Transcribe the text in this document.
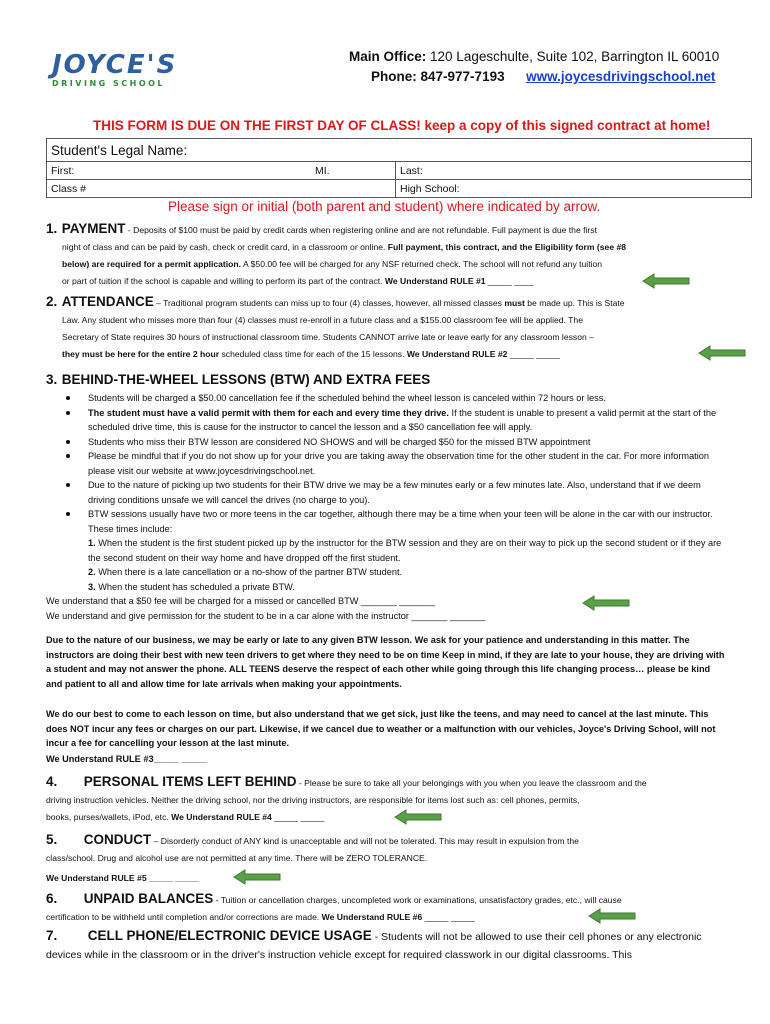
JOYCE'S
DRIVING SCHOOL
Main Office: 120 Lageschulte, Suite 102, Barrington IL 60010
Phone: 847-977-7193 www.joycesdrivingschool.net
THIS FORM IS DUE ON THE FIRST DAY OF CLASS! keep a copy of this signed contract at home!
Student's Legal Name:		
First:	MI.	Last:
Class #		High School:
Please sign or initial (both parent and student) where indicated by arrow.
1. PAYMENT - Deposits of $100 must be paid by credit cards when registering online and are not refundable. Full payment is due the first
night of class and can be paid by cash, check or credit card, in a classroom or online. Full payment, this contract, and the Eligibility form (see #8
below) are required for a permit application. A $50.00 fee will be charged for any NSF returned check. The school will not refund any tuition
or part of tuition if the school is capable and willing to perform its part of the contract. We Understand RULE #1 _____ ____
2. ATTENDANCE – Traditional program students can miss up to four (4) classes, however, all missed classes must be made up. This is State
Law. Any student who misses more than four (4) classes must re-enroll in a future class and a $155.00 classroom fee will be applied. The
Secretary of State requires 30 hours of instructional classroom time. Students CANNOT arrive late or leave early for any classroom lesson –
they must be here for the entire 2 hour scheduled class time for each of the 15 lessons. We Understand RULE #2 _____ _____
3. BEHIND-THE-WHEEL LESSONS (BTW) AND EXTRA FEES
Students will be charged a $50.00 cancellation fee if the scheduled behind the wheel lesson is canceled within 72 hours or less.
The student must have a valid permit with them for each and every time they drive. If the student is unable to present a valid permit at the start of the scheduled drive time, this is cause for the instructor to cancel the lesson and a $50 cancellation fee will apply.
Students who miss their BTW lesson are considered NO SHOWS and will be charged $50 for the missed BTW appointment
Please be mindful that if you do not show up for your drive you are taking away the observation time for the other student in the car. For more information please visit our website at www.joycesdrivingschool.net.
Due to the nature of picking up two students for their BTW drive we may be a few minutes early or a few minutes late. Also, understand that if we deem driving conditions unsafe we will cancel the drives (no charge to you).
BTW sessions usually have two or more teens in the car together, although there may be a time when your teen will be alone in the car with our instructor. These times include:
1. When the student is the first student picked up by the instructor for the BTW session and they are on their way to pick up the second student or if they are the second student on their way home and have dropped off the first student.
2. When there is a late cancellation or a no-show of the partner BTW student.
3. When the student has scheduled a private BTW.
We understand that a $50 fee will be charged for a missed or cancelled BTW _______ _______
We understand and give permission for the student to be in a car alone with the instructor _______ _______
Due to the nature of our business, we may be early or late to any given BTW lesson. We ask for your patience and understanding in this matter. The instructors are doing their best with new teen drivers to get where they need to be on time Keep in mind, if they are late to your house, they are driving with a student and may not answer the phone. ALL TEENS deserve the respect of each other while going through this life changing process… please be kind and patient to all and allow time for late arrivals when making your appointments.
We do our best to come to each lesson on time, but also understand that we get sick, just like the teens, and may need to cancel at the last minute. This does NOT incur any fees or charges on our part. Likewise, if we cancel due to weather or a malfunction with our vehicles, Joyce's Driving School, will not incur a fee for cancelling your lesson at the last minute.
We Understand RULE #3_____ _____
4. PERSONAL ITEMS LEFT BEHIND - Please be sure to take all your belongings with you when you leave the classroom and the
driving instruction vehicles. Neither the driving school, nor the driving instructors, are responsible for items lost such as: cell phones, permits,
books, purses/wallets, iPod, etc. We Understand RULE #4 _____ _____
5. CONDUCT – Disorderly conduct of ANY kind is unacceptable and will not be tolerated. This may result in expulsion from the
class/school. Drug and alcohol use are not permitted at any time. There will be ZERO TOLERANCE.
We Understand RULE #5 _____ _____
6. UNPAID BALANCES - Tuition or cancellation charges, uncompleted work or examinations, unsatisfactory grades, etc., will cause
certification to be withheld until completion and/or corrections are made. We Understand RULE #6 _____ _____
7. CELL PHONE/ELECTRONIC DEVICE USAGE - Students will not be allowed to use their cell phones or any electronic
devices while in the classroom or in the driver's instruction vehicle except for required classwork in our digital classrooms. This
